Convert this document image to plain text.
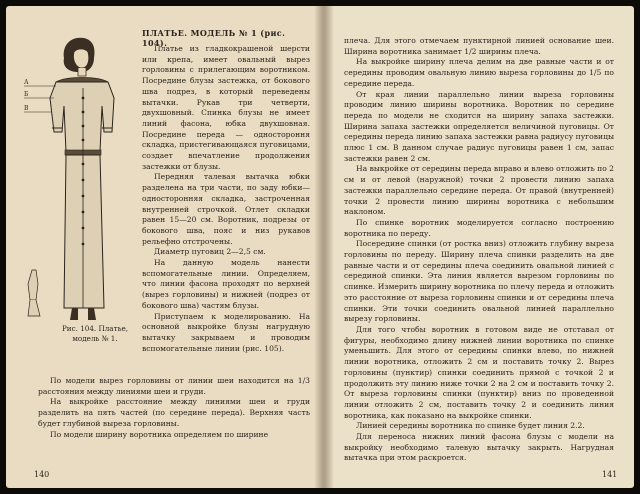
А
Б
В
ПЛАТЬЕ. МОДЕЛЬ № 1 (рис. 104).

Платье из гладкокрашеной шерсти или крепа, имеет овальный вырез горловины с прилегающим воротником. Посредине блузы застежка, от бокового шва подрез, в который переведены вытачки. Рукав три четверти, двухшовный. Спинка блузы не имеет линий фасона, юбка двухшовная. Посредине переда — одностороння складка, пристегивающаяся пуговицами, создает впечатление продолжения застежки от блузы.

Передняя талевая вытачка юбки разделена на три части, по заду юбки—односторонняя складка, застроченная внутренней строчкой. Отлет складки равен 15—20 см. Воротник, подрезы от бокового шва, пояс и низ рукавов рельефно отстрочены.

Диаметр пуговиц 2—2,5 см.

На данную модель нанести вспомогательные линии. Определяем, что линии фасона проходят по верхней (вырез горловины) и нижней (подрез от бокового шва) частям блузы.

Приступаем к моделированию. На основной выкройке блузы нагрудную вытачку закрываем и проводим вспомогательные линии (рис. 105).

Рис. 104. Платье, модель № 1.

По модели вырез горловины от линии шеи находится на 1/3 расстояния между линиями шеи и груди.

На выкройке расстояние между линиями шеи и груди разделить на пять частей (по середине переда). Верхняя часть будет глубиной выреза горловины.

По модели ширину воротника определяем по ширине

140

плеча. Для этого отмечаем пунктирной линией основание шеи. Ширина воротника занимает 1/2 ширины плеча.

На выкройке ширину плеча делим на две равные части и от середины проводим овальную линию выреза горловины до 1/5 по середине переда.

От края линии параллельно линии выреза горловины проводим линию ширины воротника. Воротник по середине переда по модели не сходится на ширину запаха застежки. Ширина запаха застежки определяется величиной пуговицы. От середины переда линию запаха застежки равна радиусу пуговицы плюс 1 см. В данном случае радиус пуговицы равен 1 см, запас застежки равен 2 см.

На выкройке от середины переда вправо и влево отложить по 2 см и от левой (наружной) точки 2 провести линию запаха застежки параллельно середине переда. От правой (внутренней) точки 2 провести линию ширины воротника с небольшим наклоном.

По спинке воротник моделируется согласно построению воротника по переду.

Посередине спинки (от ростка вниз) отложить глубину выреза горловины по переду. Ширину плеча спинки разделить на две равные части и от середины плеча соединить овальной линией с серединой спинки. Эта линия является вырезом горловины по спинке. Измерить ширину воротника по плечу переда и отложить это расстояние от выреза горловины спинки и от середины плеча спинки. Эти точки соединить овальной линией параллельно вырезу горловины.

Для того чтобы воротник в готовом виде не отставал от фигуры, необходимо длину нижней линии воротника по спинке уменьшить. Для этого от середины спинки влево, по нижней линии воротника, отложить 2 см и поставить точку 2. Вырез горловины (пунктир) спинки соединить прямой с точкой 2 и продолжить эту линию ниже точки 2 на 2 см и поставить точку 2. От выреза горловины спинки (пунктир) вниз по проведенной линии отложить 2 см, поставить точку 2 и соединить линия воротника, как показано на выкройке спинки.

Линией середины воротника по спинке будет линия 2.2.

Для переноса нижних линий фасона блузы с модели на выкройку необходимо талевую вытачку закрыть. Нагрудная вытачка при этом раскроется.

141
